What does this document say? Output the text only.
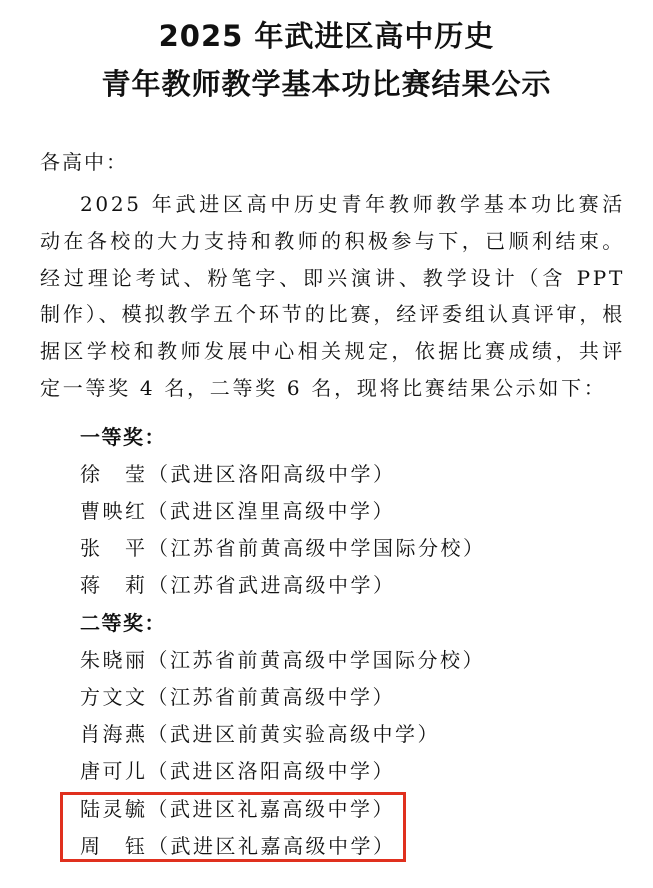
2025 年武进区高中历史
青年教师教学基本功比赛结果公示
各高中：
2025 年武进区高中历史青年教师教学基本功比赛活动在各校的大力支持和教师的积极参与下，已顺利结束。经过理论考试、粉笔字、即兴演讲、教学设计（含 PPT 制作）、模拟教学五个环节的比赛，经评委组认真评审，根据区学校和教师发展中心相关规定，依据比赛成绩，共评定一等奖 4 名，二等奖 6 名，现将比赛结果公示如下：
一等奖：
徐莹（武进区洛阳高级中学）
曹映红（武进区湟里高级中学）
张平（江苏省前黄高级中学国际分校）
蒋莉（江苏省武进高级中学）
二等奖：
朱晓丽（江苏省前黄高级中学国际分校）
方文文（江苏省前黄高级中学）
肖海燕（武进区前黄实验高级中学）
唐可儿（武进区洛阳高级中学）
陆灵毓（武进区礼嘉高级中学）
周钰（武进区礼嘉高级中学）
